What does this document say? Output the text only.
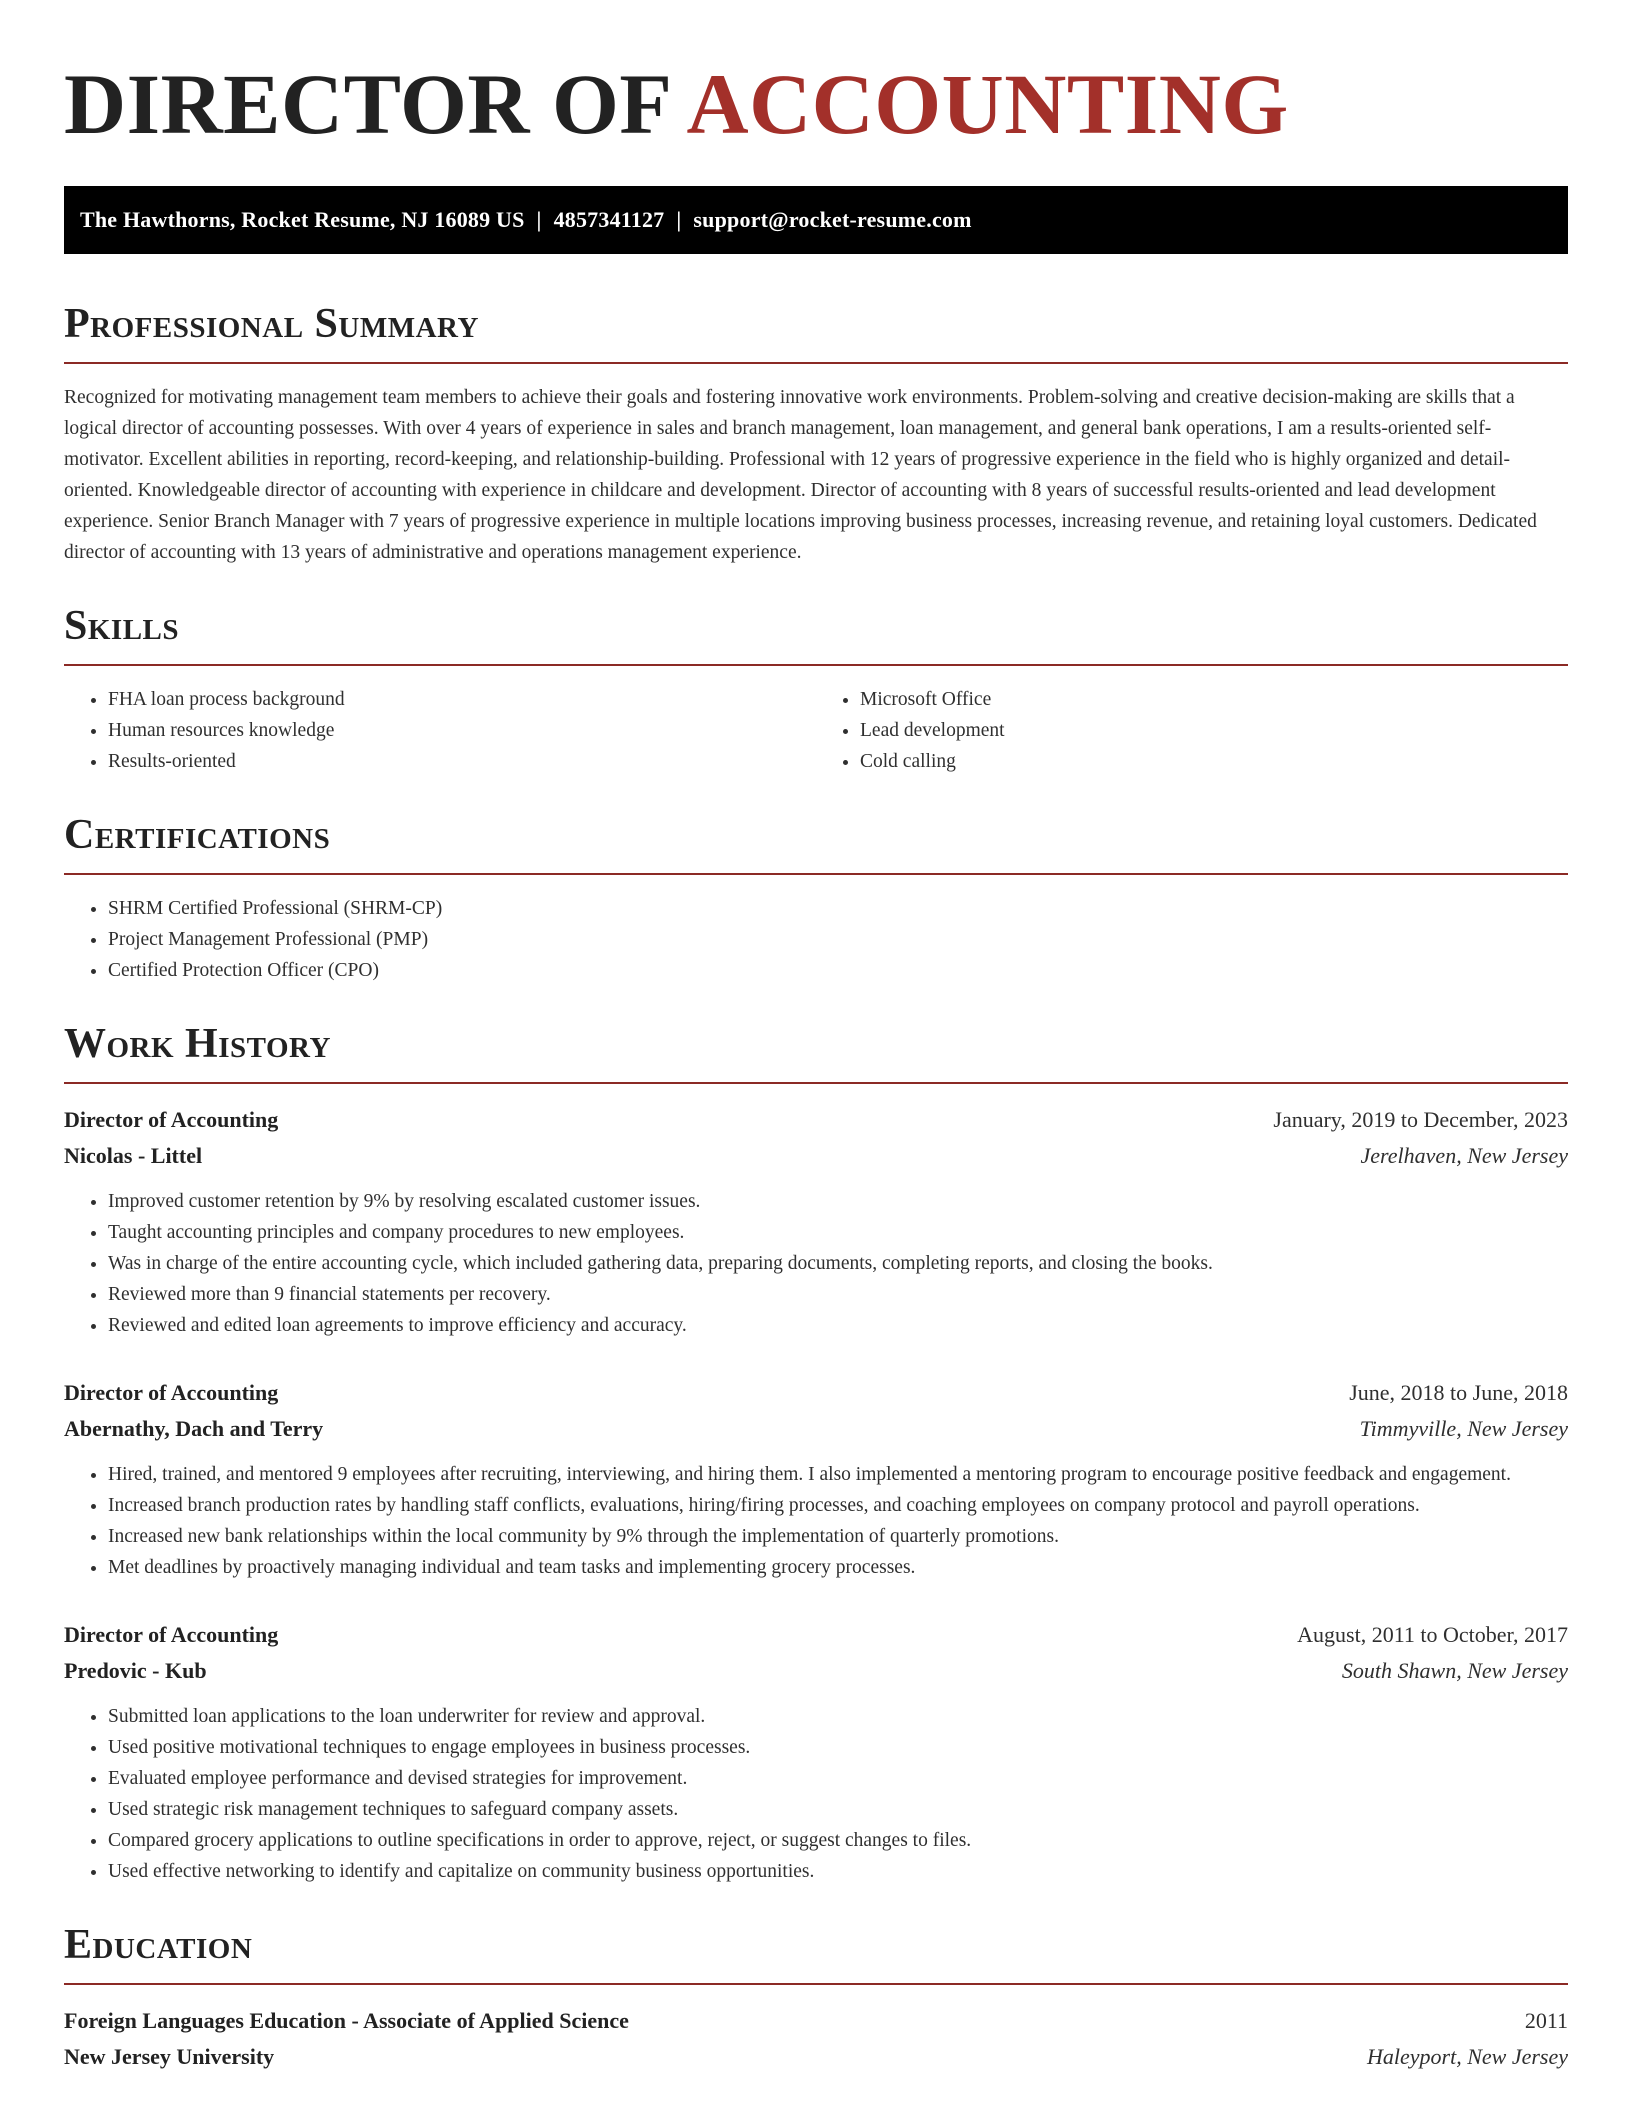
DIRECTOR OF ACCOUNTING
The Hawthorns, Rocket Resume, NJ 16089 US | 4857341127 | support@rocket-resume.com
Professional Summary

Recognized for motivating management team members to achieve their goals and fostering innovative work environments. Problem-solving and creative decision-making are skills that a logical director of accounting possesses. With over 4 years of experience in sales and branch management, loan management, and general bank operations, I am a results-oriented self-motivator. Excellent abilities in reporting, record-keeping, and relationship-building. Professional with 12 years of progressive experience in the field who is highly organized and detail-oriented. Knowledgeable director of accounting with experience in childcare and development. Director of accounting with 8 years of successful results-oriented and lead development experience. Senior Branch Manager with 7 years of progressive experience in multiple locations improving business processes, increasing revenue, and retaining loyal customers. Dedicated director of accounting with 13 years of administrative and operations management experience.

Skills
• FHA loan process background
• Human resources knowledge
• Results-oriented
• Microsoft Office
• Lead development
• Cold calling
Certifications
• SHRM Certified Professional (SHRM-CP)
• Project Management Professional (PMP)
• Certified Protection Officer (CPO)
Work History
Director of Accounting	January, 2019 to December, 2023
Nicolas - Littel	Jerelhaven, New Jersey
• Improved customer retention by 9% by resolving escalated customer issues.
• Taught accounting principles and company procedures to new employees.
• Was in charge of the entire accounting cycle, which included gathering data, preparing documents, completing reports, and closing the books.
• Reviewed more than 9 financial statements per recovery.
• Reviewed and edited loan agreements to improve efficiency and accuracy.
Director of Accounting	June, 2018 to June, 2018
Abernathy, Dach and Terry	Timmyville, New Jersey
• Hired, trained, and mentored 9 employees after recruiting, interviewing, and hiring them. I also implemented a mentoring program to encourage positive feedback and engagement.
• Increased branch production rates by handling staff conflicts, evaluations, hiring/firing processes, and coaching employees on company protocol and payroll operations.
• Increased new bank relationships within the local community by 9% through the implementation of quarterly promotions.
• Met deadlines by proactively managing individual and team tasks and implementing grocery processes.
Director of Accounting	August, 2011 to October, 2017
Predovic - Kub	South Shawn, New Jersey
• Submitted loan applications to the loan underwriter for review and approval.
• Used positive motivational techniques to engage employees in business processes.
• Evaluated employee performance and devised strategies for improvement.
• Used strategic risk management techniques to safeguard company assets.
• Compared grocery applications to outline specifications in order to approve, reject, or suggest changes to files.
• Used effective networking to identify and capitalize on community business opportunities.
Education
Foreign Languages Education - Associate of Applied Science	2011
New Jersey University	Haleyport, New Jersey
